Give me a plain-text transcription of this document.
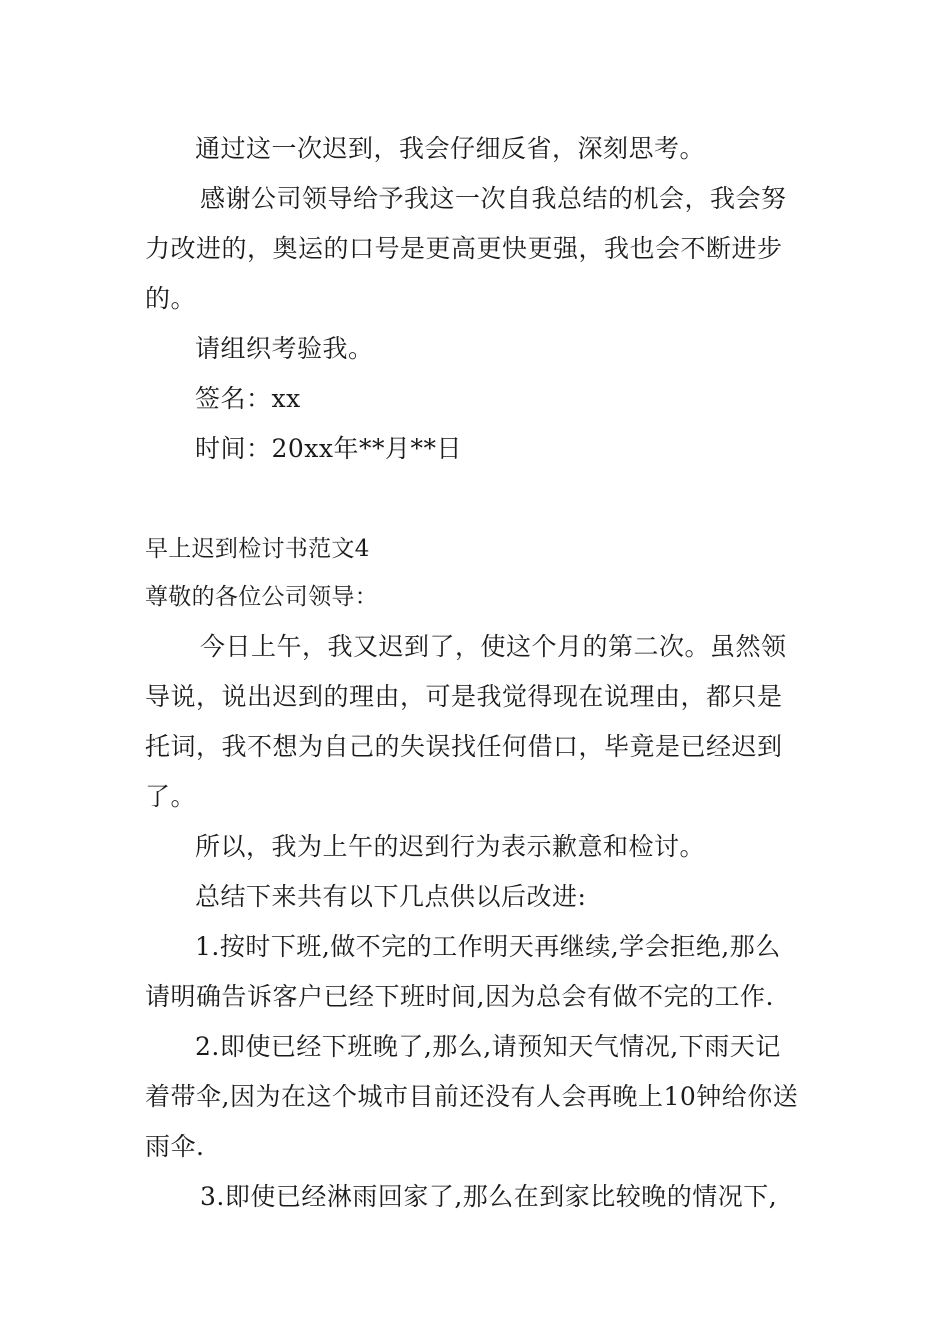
通过这一次迟到，我会仔细反省，深刻思考。
感谢公司领导给予我这一次自我总结的机会，我会努
力改进的，奥运的口号是更高更快更强，我也会不断进步
的。
请组织考验我。
签名：xx
时间：20xx年**月**日
早上迟到检讨书范文4
尊敬的各位公司领导：
今日上午，我又迟到了，使这个月的第二次。虽然领
导说，说出迟到的理由，可是我觉得现在说理由，都只是
托词，我不想为自己的失误找任何借口，毕竟是已经迟到
了。
所以，我为上午的迟到行为表示歉意和检讨。
总结下来共有以下几点供以后改进:
1.按时下班,做不完的工作明天再继续,学会拒绝,那么
请明确告诉客户已经下班时间,因为总会有做不完的工作.
2.即使已经下班晚了,那么,请预知天气情况,下雨天记
着带伞,因为在这个城市目前还没有人会再晚上10钟给你送
雨伞.
3.即使已经淋雨回家了,那么在到家比较晚的情况下,
